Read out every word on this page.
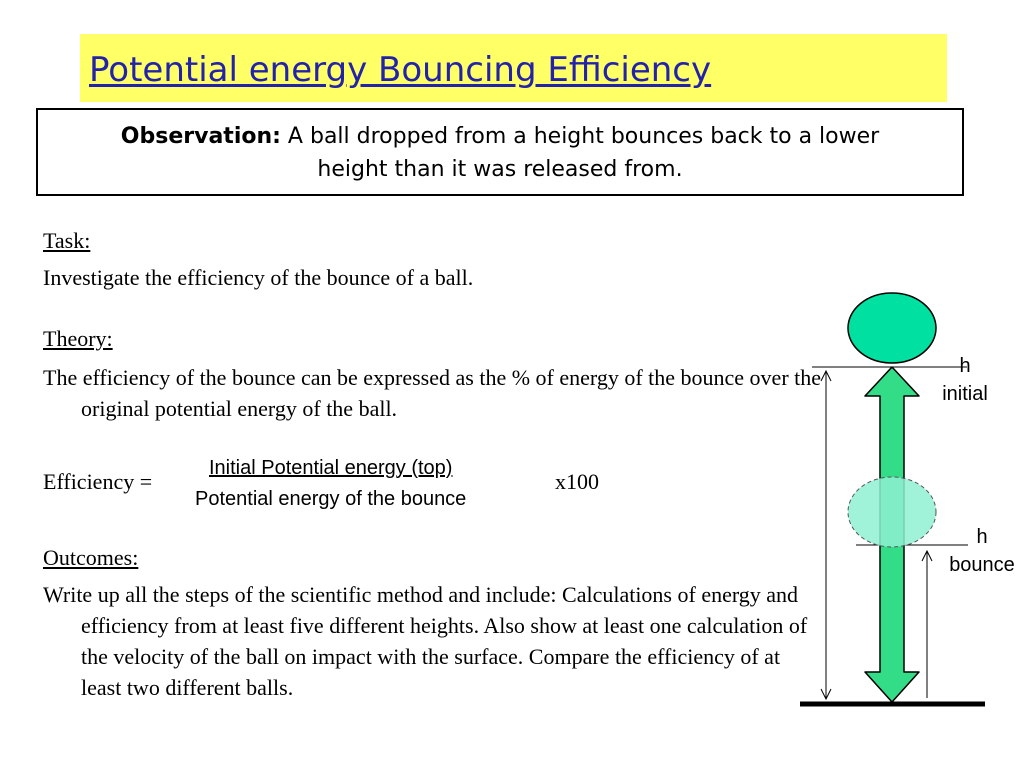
Potential energy Bouncing Efficiency
Observation: A ball dropped from a height bounces back to a lower
height than it was released from.
Task:
Investigate the efficiency of the bounce of a ball.
Theory:
The efficiency of the bounce can be expressed as the % of energy of the bounce over the original potential energy of the ball.
Efficiency =
Initial Potential energy (top)
Potential energy of the bounce
x100
Outcomes:
Write up all the steps of the scientific method and include: Calculations of energy and efficiency from at least five different heights. Also show at least one calculation of the velocity of the ball on impact with the surface. Compare the efficiency of at least two different balls.
h
initial
h
bounce
